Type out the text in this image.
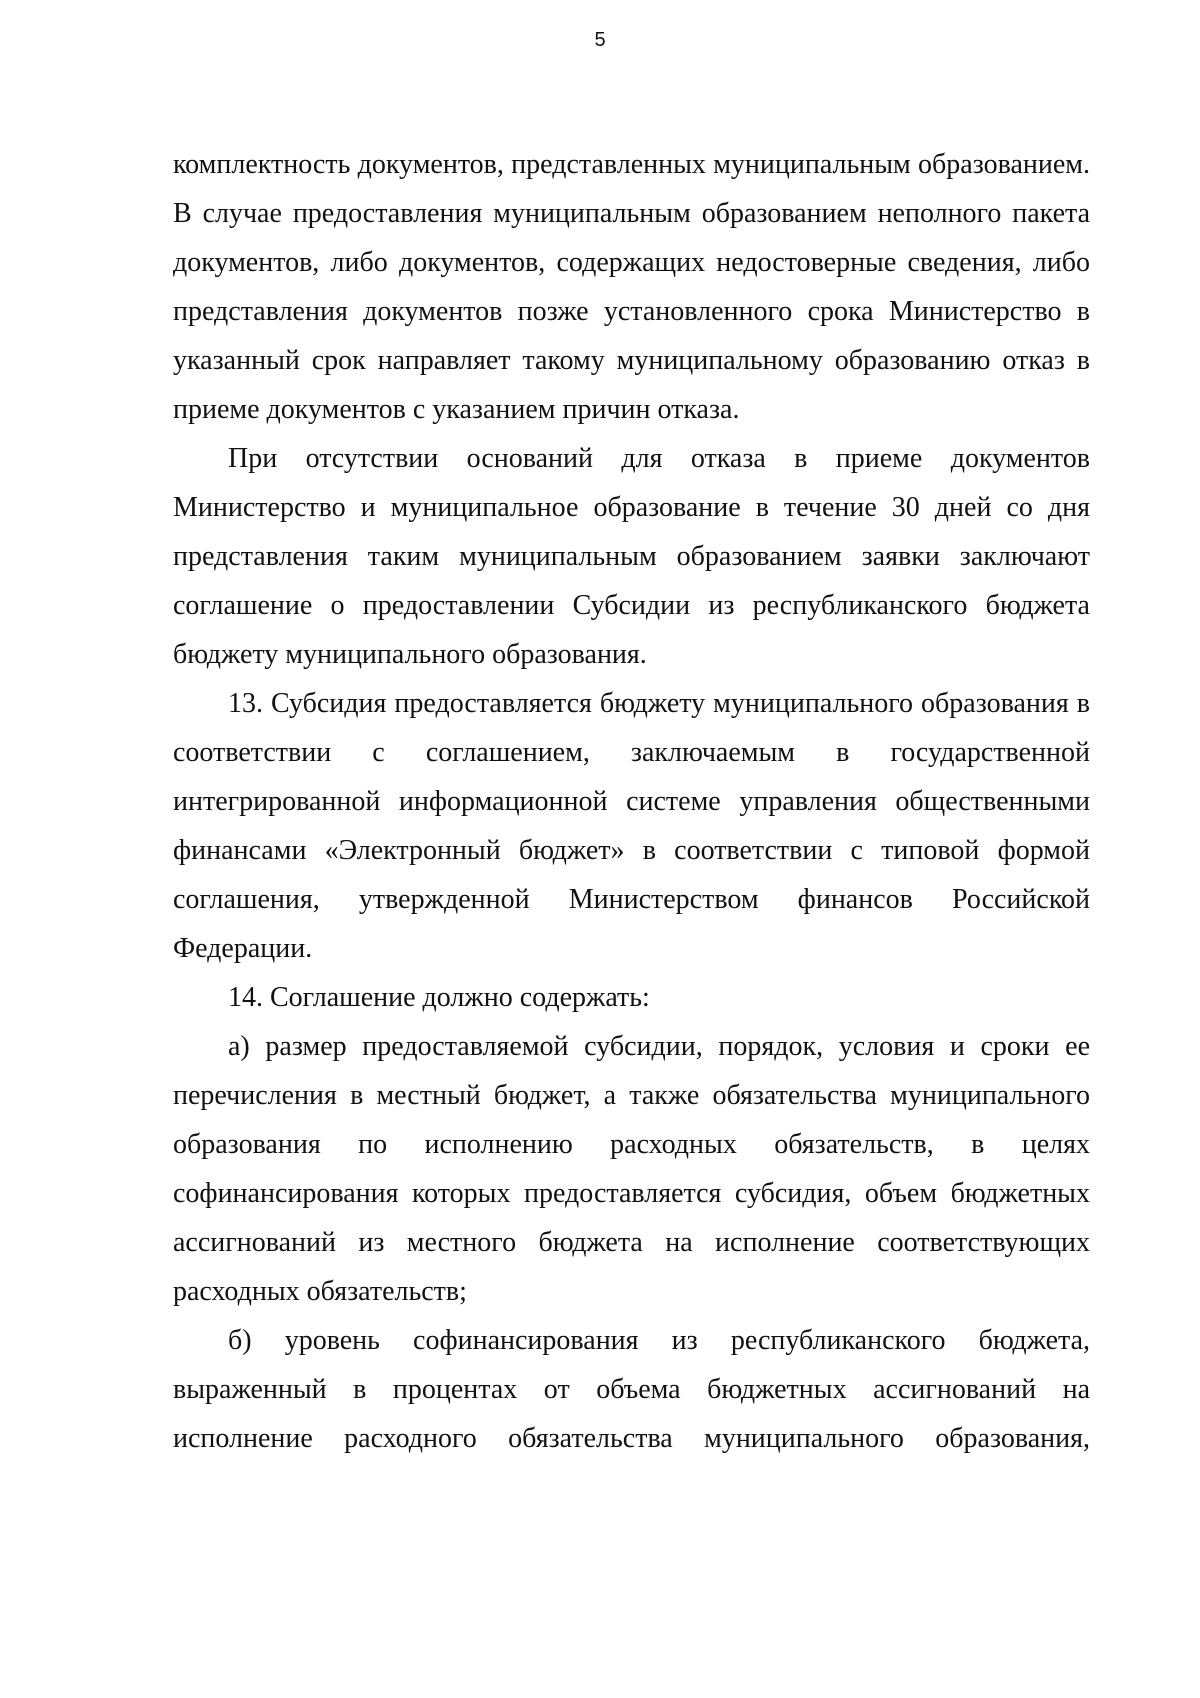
5

комплектность документов, представленных муниципальным образованием. В случае предоставления муниципальным образованием неполного пакета документов, либо документов, содержащих недостоверные сведения, либо представления документов позже установленного срока Министерство в указанный срок направляет такому муниципальному образованию отказ в приеме документов с указанием причин отказа.

При отсутствии оснований для отказа в приеме документов Министерство и муниципальное образование в течение 30 дней со дня представления таким муниципальным образованием заявки заключают соглашение о предоставлении Субсидии из республиканского бюджета бюджету муниципального образования.

13. Субсидия предоставляется бюджету муниципального образования в соответствии с соглашением, заключаемым в государственной интегрированной информационной системе управления общественными финансами «Электронный бюджет» в соответствии с типовой формой соглашения, утвержденной Министерством финансов Российской Федерации.

14. Соглашение должно содержать:

а) размер предоставляемой субсидии, порядок, условия и сроки ее перечисления в местный бюджет, а также обязательства муниципального образования по исполнению расходных обязательств, в целях софинансирования которых предоставляется субсидия, объем бюджетных ассигнований из местного бюджета на исполнение соответствующих расходных обязательств;

б) уровень софинансирования из республиканского бюджета, выраженный в процентах от объема бюджетных ассигнований на исполнение расходного обязательства муниципального образования,
